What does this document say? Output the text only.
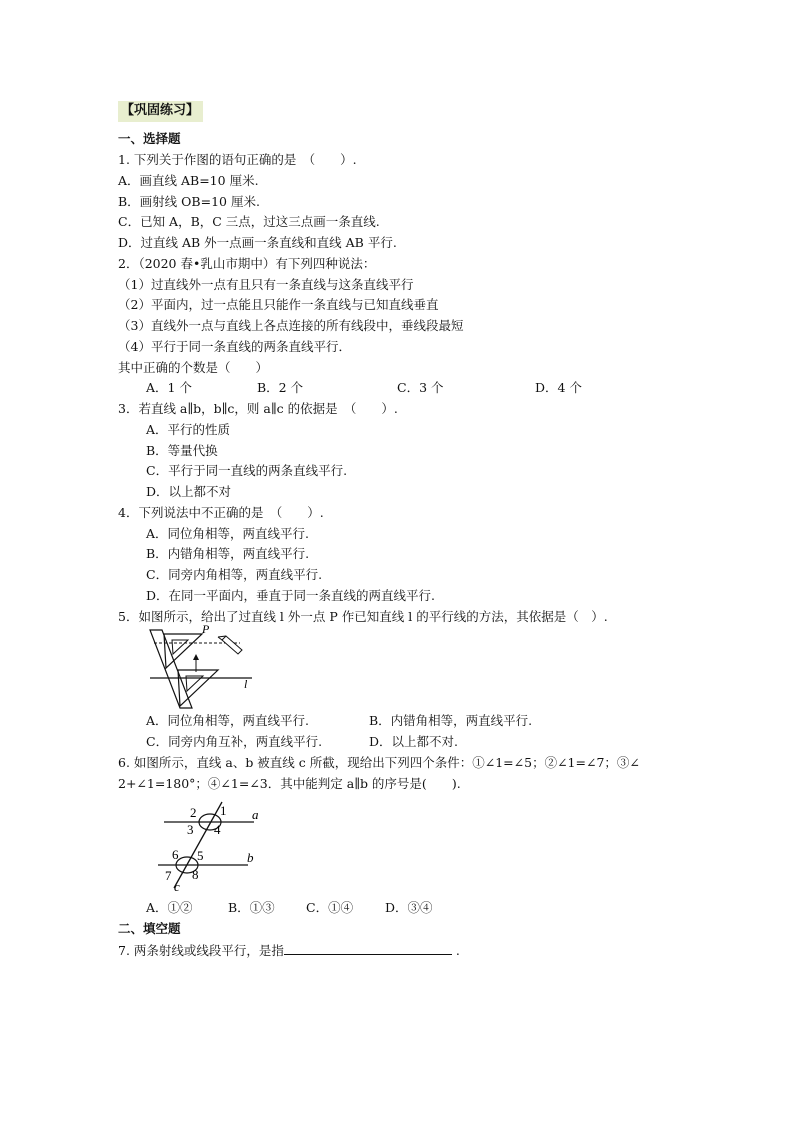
【巩固练习】
一、选择题
1. 下列关于作图的语句正确的是　（　　）.
A．画直线 AB=10 厘米.
B．画射线 OB=10 厘米.
C．已知 A，B，C 三点，过这三点画一条直线.
D．过直线 AB 外一点画一条直线和直线 AB 平行.
2．（2020 春•乳山市期中）有下列四种说法：
（1）过直线外一点有且只有一条直线与这条直线平行
（2）平面内，过一点能且只能作一条直线与已知直线垂直
（3）直线外一点与直线上各点连接的所有线段中，垂线段最短
（4）平行于同一条直线的两条直线平行．
其中正确的个数是（　　）
A．1 个	B．2 个	C．3 个	D．4 个
3．若直线 a∥b，b∥c，则 a∥c 的依据是　（　　）.
A．平行的性质
B．等量代换
C．平行于同一直线的两条直线平行.
D．以上都不对
4．下列说法中不正确的是　（　　）.
A．同位角相等，两直线平行.
B．内错角相等，两直线平行.
C．同旁内角相等，两直线平行.
D．在同一平面内，垂直于同一条直线的两直线平行.
5．如图所示，给出了过直线 l 外一点 P 作已知直线 l 的平行线的方法，其依据是（　）.
P
l
A．同位角相等，两直线平行.	B．内错角相等，两直线平行.
C．同旁内角互补，两直线平行.	D．以上都不对.
6. 如图所示，直线 a、b 被直线 c 所截，现给出下列四个条件：①∠1=∠5；②∠1=∠7；③∠
2+∠1=180°；④∠1=∠3．其中能判定 a∥b 的序号是(　　).
2 1
3 4
a
6 5	b
7 8
c
A．①②	B．①③	C．①④	D．③④
二、填空题
7. 两条射线或线段平行，是指	.
